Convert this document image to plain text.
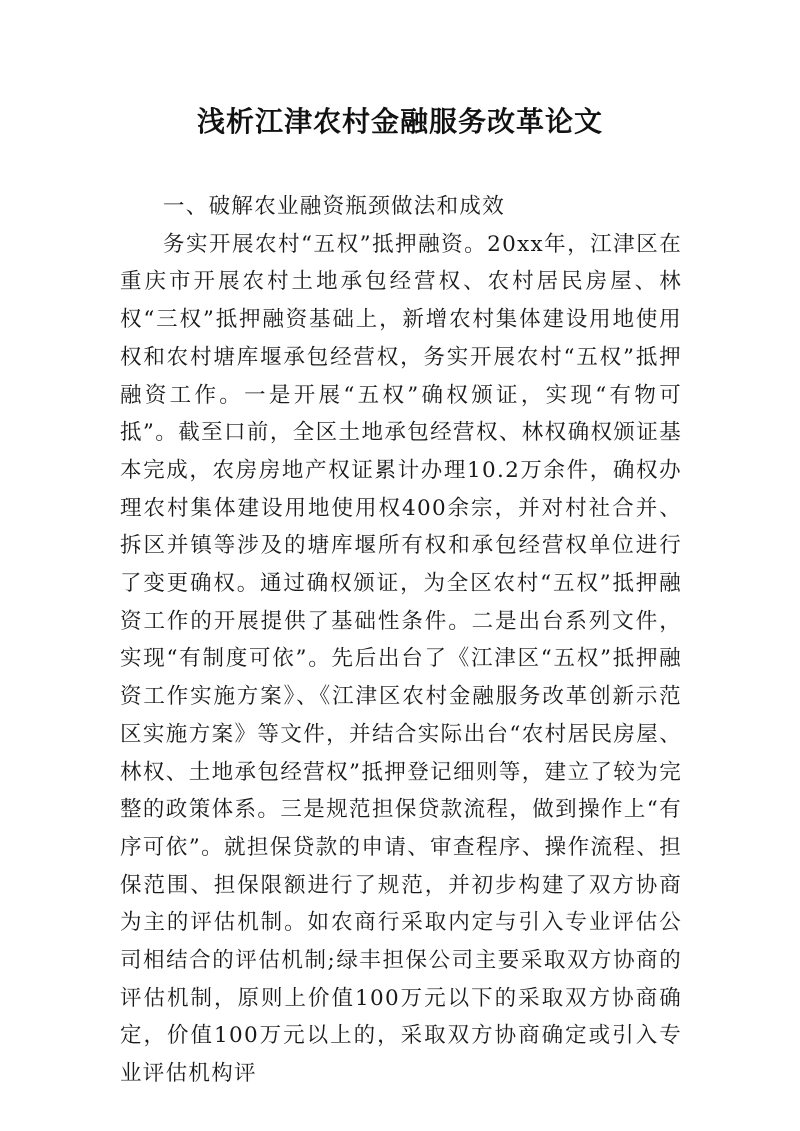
浅析江津农村金融服务改革论文
一、破解农业融资瓶颈做法和成效
务实开展农村“五权”抵押融资。20xx年，江津区在重庆市开展农村土地承包经营权、农村居民房屋、林权“三权”抵押融资基础上，新增农村集体建设用地使用权和农村塘库堰承包经营权，务实开展农村“五权”抵押融资工作。一是开展“五权”确权颁证，实现“有物可抵”。截至口前，全区土地承包经营权、林权确权颁证基本完成，农房房地产权证累计办理10.2万余件，确权办理农村集体建设用地使用权400余宗，并对村社合并、拆区并镇等涉及的塘库堰所有权和承包经营权单位进行了变更确权。通过确权颁证，为全区农村“五权”抵押融资工作的开展提供了基础性条件。二是出台系列文件，实现“有制度可依”。先后出台了《江津区“五权”抵押融资工作实施方案》、《江津区农村金融服务改革创新示范区实施方案》等文件，并结合实际出台“农村居民房屋、林权、土地承包经营权”抵押登记细则等，建立了较为完整的政策体系。三是规范担保贷款流程，做到操作上“有序可依”。就担保贷款的申请、审查程序、操作流程、担保范围、担保限额进行了规范，并初步构建了双方协商为主的评估机制。如农商行采取内定与引入专业评估公司相结合的评估机制;绿丰担保公司主要采取双方协商的评估机制，原则上价值100万元以下的采取双方协商确定，价值100万元以上的，采取双方协商确定或引入专业评估机构评
